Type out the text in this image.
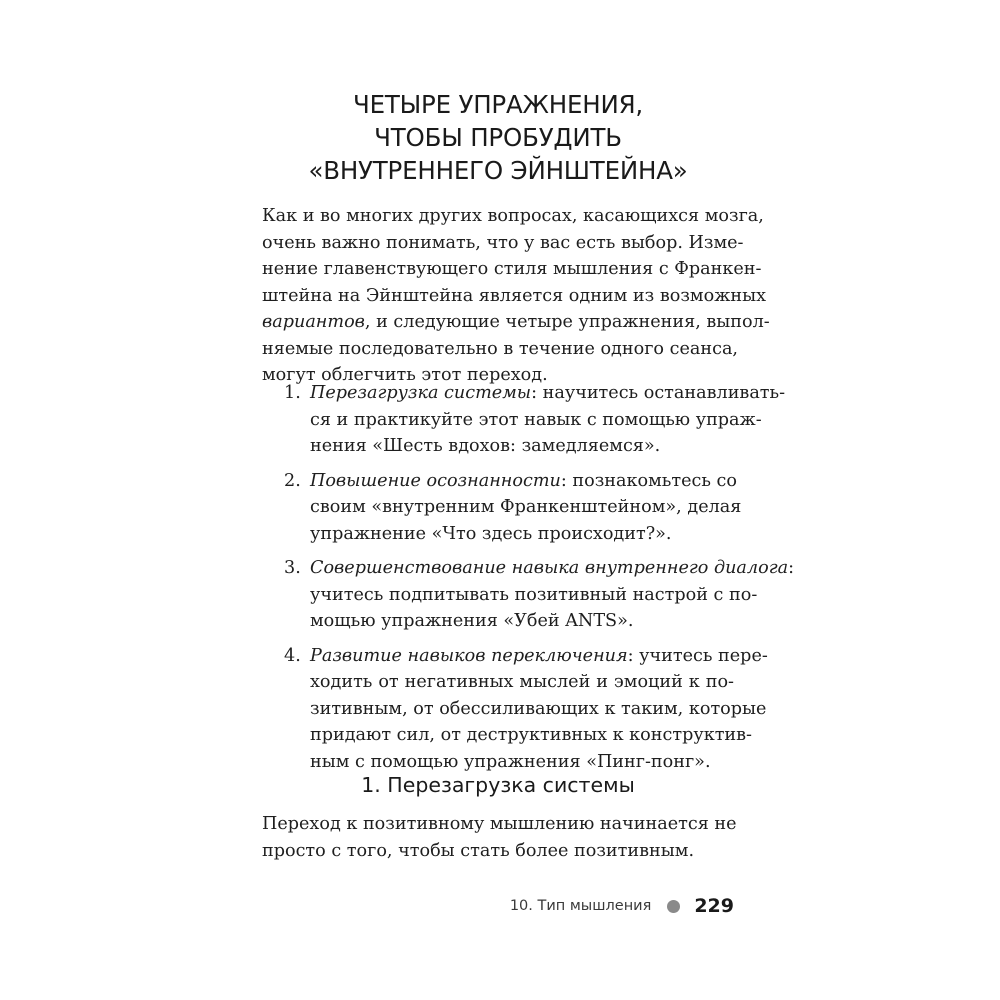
ЧЕТЫРЕ УПРАЖНЕНИЯ,
ЧТОБЫ ПРОБУДИТЬ
«ВНУТРЕННЕГО ЭЙНШТЕЙНА»
Как и во многих других вопросах, касающихся мозга,
очень важно понимать, что у вас есть выбор. Изме-
нение главенствующего стиля мышления с Франкен-
штейна на Эйнштейна является одним из возможных
вариантов, и следующие четыре упражнения, выпол-
няемые последовательно в течение одного сеанса,
могут облегчить этот переход.
1. Перезагрузка системы: научитесь останавливать-
ся и практикуйте этот навык с помощью упраж-
нения «Шесть вдохов: замедляемся».
2. Повышение осознанности: познакомьтесь со
своим «внутренним Франкенштейном», делая
упражнение «Что здесь происходит?».
3. Совершенствование навыка внутреннего диалога:
учитесь подпитывать позитивный настрой с по-
мощью упражнения «Убей ANTS».
4. Развитие навыков переключения: учитесь пере-
ходить от негативных мыслей и эмоций к по-
зитивным, от обессиливающих к таким, которые
придают сил, от деструктивных к конструктив-
ным с помощью упражнения «Пинг-понг».
1. Перезагрузка системы
Переход к позитивному мышлению начинается не
просто с того, чтобы стать более позитивным.
10. Тип мышления 229
